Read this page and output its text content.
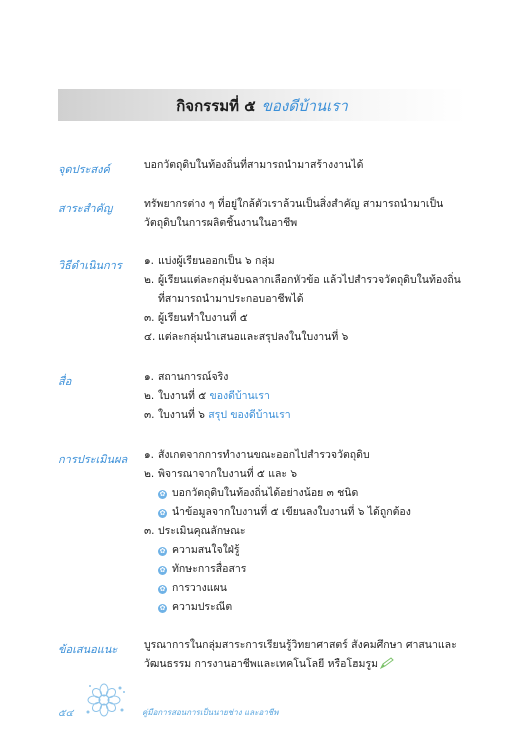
กิจกรรมที่ ๕ ของดีบ้านเรา
จุดประสงค์	บอกวัตถุดิบในท้องถิ่นที่สามารถนำมาสร้างงานได้
สาระสำคัญ	ทรัพยากรต่าง ๆ ที่อยู่ใกล้ตัวเราล้วนเป็นสิ่งสำคัญ สามารถนำมาเป็น
วัตถุดิบในการผลิตชิ้นงานในอาชีพ
วิธีดำเนินการ ๑. แบ่งผู้เรียนออกเป็น ๖ กลุ่ม
๒. ผู้เรียนแต่ละกลุ่มจับฉลากเลือกหัวข้อ แล้วไปสำรวจวัตถุดิบในท้องถิ่น
ที่สามารถนำมาประกอบอาชีพได้
๓. ผู้เรียนทำใบงานที่ ๕
๔. แต่ละกลุ่มนำเสนอและสรุปลงในใบงานที่ ๖
สื่อ	๑. สถานการณ์จริง
๒. ใบงานที่ ๕ ของดีบ้านเรา
๓. ใบงานที่ ๖ สรุป ของดีบ้านเรา
การประเมินผล ๑. สังเกตจากการทำงานขณะออกไปสำรวจวัตถุดิบ
๒. พิจารณาจากใบงานที่ ๕ และ ๖
✿ บอกวัตถุดิบในท้องถิ่นได้อย่างน้อย ๓ ชนิด
✿ นำข้อมูลจากใบงานที่ ๕ เขียนลงใบงานที่ ๖ ได้ถูกต้อง
๓. ประเมินคุณลักษณะ
✿ ความสนใจใฝ่รู้
✿ ทักษะการสื่อสาร
✿ การวางแผน
✿ ความประณีต
ข้อเสนอแนะ	บูรณาการในกลุ่มสาระการเรียนรู้วิทยาศาสตร์ สังคมศึกษา ศาสนาและ
วัฒนธรรม การงานอาชีพและเทคโนโลยี หรือโฮมรูม
๕๔	คู่มือการสอนการเป็นนายช่าง และอาชีพ
